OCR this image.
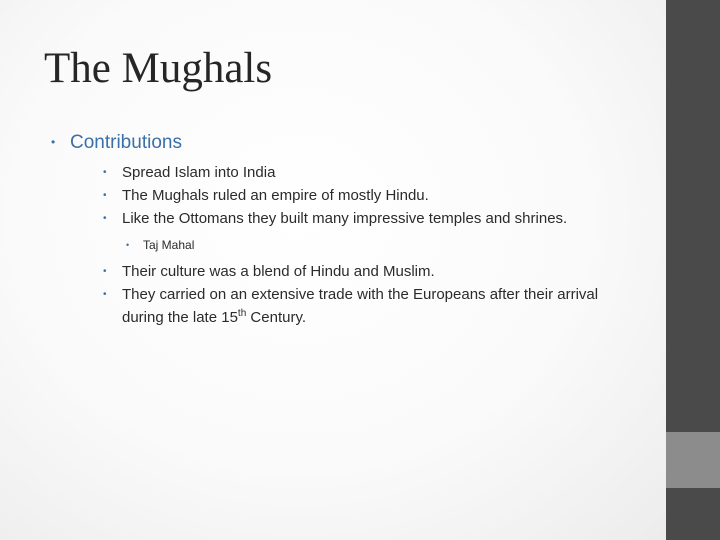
The Mughals
• Contributions
• Spread Islam into India
• The Mughals ruled an empire of mostly Hindu.
• Like the Ottomans they built many impressive temples and shrines.
• Taj Mahal
• Their culture was a blend of Hindu and Muslim.
• They carried on an extensive trade with the Europeans after their arrival during the late 15th Century.
